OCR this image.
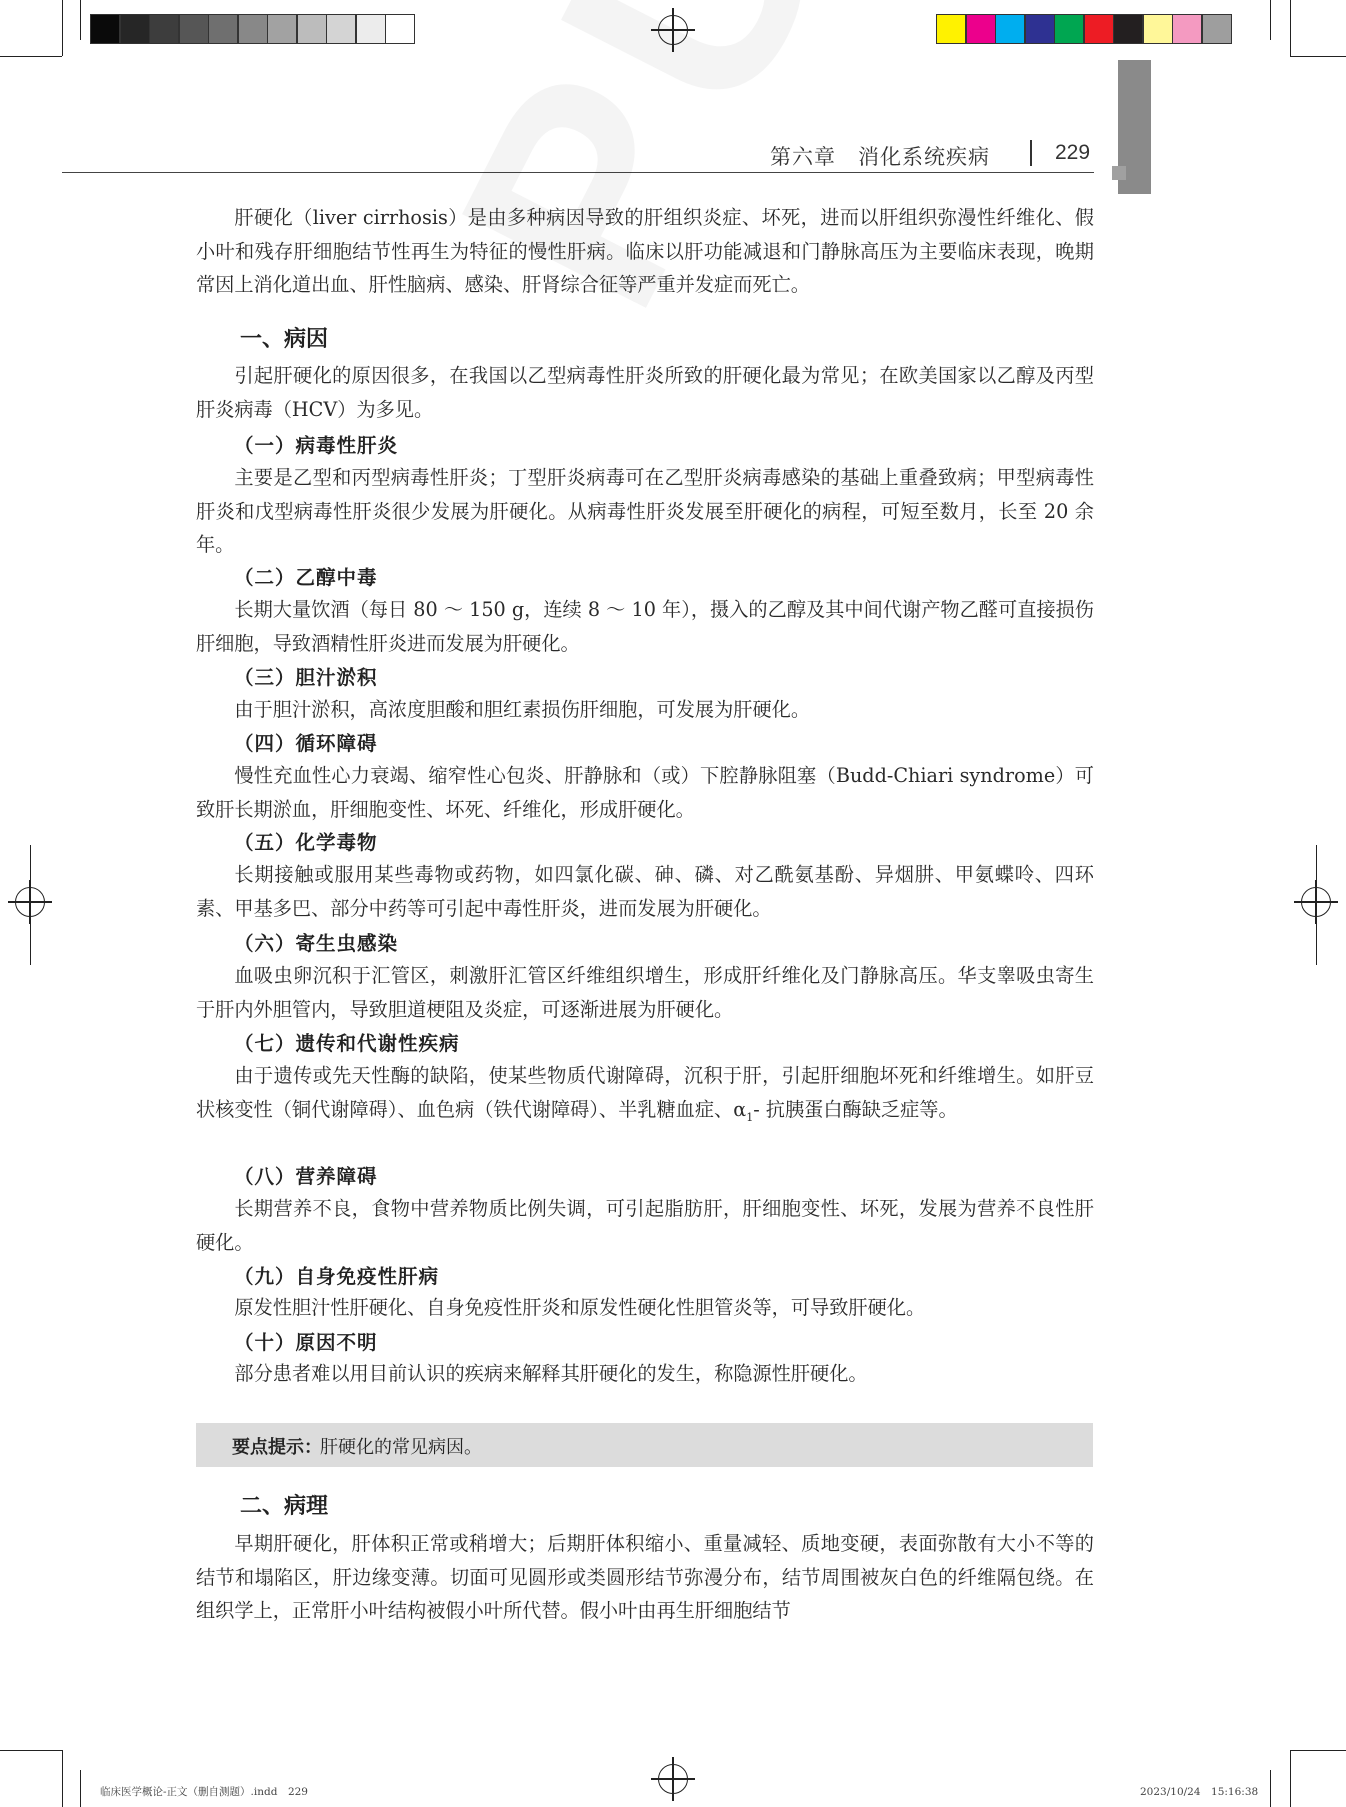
第六章　消化系统疾病	229

肝硬化（liver cirrhosis）是由多种病因导致的肝组织炎症、坏死，进而以肝组织弥漫性纤维化、假小叶和残存肝细胞结节性再生为特征的慢性肝病。临床以肝功能减退和门静脉高压为主要临床表现，晚期常因上消化道出血、肝性脑病、感染、肝肾综合征等严重并发症而死亡。

一、病因

引起肝硬化的原因很多，在我国以乙型病毒性肝炎所致的肝硬化最为常见；在欧美国家以乙醇及丙型肝炎病毒（HCV）为多见。

（一）病毒性肝炎

主要是乙型和丙型病毒性肝炎；丁型肝炎病毒可在乙型肝炎病毒感染的基础上重叠致病；甲型病毒性肝炎和戊型病毒性肝炎很少发展为肝硬化。从病毒性肝炎发展至肝硬化的病程，可短至数月，长至 20 余年。

（二）乙醇中毒

长期大量饮酒（每日 80 ～ 150 g，连续 8 ～ 10 年），摄入的乙醇及其中间代谢产物乙醛可直接损伤肝细胞，导致酒精性肝炎进而发展为肝硬化。

（三）胆汁淤积

由于胆汁淤积，高浓度胆酸和胆红素损伤肝细胞，可发展为肝硬化。

（四）循环障碍

慢性充血性心力衰竭、缩窄性心包炎、肝静脉和（或）下腔静脉阻塞（Budd-Chiari syndrome）可致肝长期淤血，肝细胞变性、坏死、纤维化，形成肝硬化。

（五）化学毒物

长期接触或服用某些毒物或药物，如四氯化碳、砷、磷、对乙酰氨基酚、异烟肼、甲氨蝶呤、四环素、甲基多巴、部分中药等可引起中毒性肝炎，进而发展为肝硬化。

（六）寄生虫感染

血吸虫卵沉积于汇管区，刺激肝汇管区纤维组织增生，形成肝纤维化及门静脉高压。华支睾吸虫寄生于肝内外胆管内，导致胆道梗阻及炎症，可逐渐进展为肝硬化。

（七）遗传和代谢性疾病

由于遗传或先天性酶的缺陷，使某些物质代谢障碍，沉积于肝，引起肝细胞坏死和纤维增生。如肝豆状核变性（铜代谢障碍）、血色病（铁代谢障碍）、半乳糖血症、$\alpha_1-$ 抗胰蛋白酶缺乏症等。

（八）营养障碍

长期营养不良，食物中营养物质比例失调，可引起脂肪肝，肝细胞变性、坏死，发展为营养不良性肝硬化。

（九）自身免疫性肝病

原发性胆汁性肝硬化、自身免疫性肝炎和原发性硬化性胆管炎等，可导致肝硬化。

（十）原因不明

部分患者难以用目前认识的疾病来解释其肝硬化的发生，称隐源性肝硬化。

要点提示：
肝硬化的常见病因。
二、病理

早期肝硬化，肝体积正常或稍增大；后期肝体积缩小、重量减轻、质地变硬，表面弥散有大小不等的结节和塌陷区，肝边缘变薄。切面可见圆形或类圆形结节弥漫分布，结节周围被灰白色的纤维隔包绕。在组织学上，正常肝小叶结构被假小叶所代替。假小叶由再生肝细胞结节

临床医学概论-正文（删自测题）.indd　229	2023/10/24　15:16:38
